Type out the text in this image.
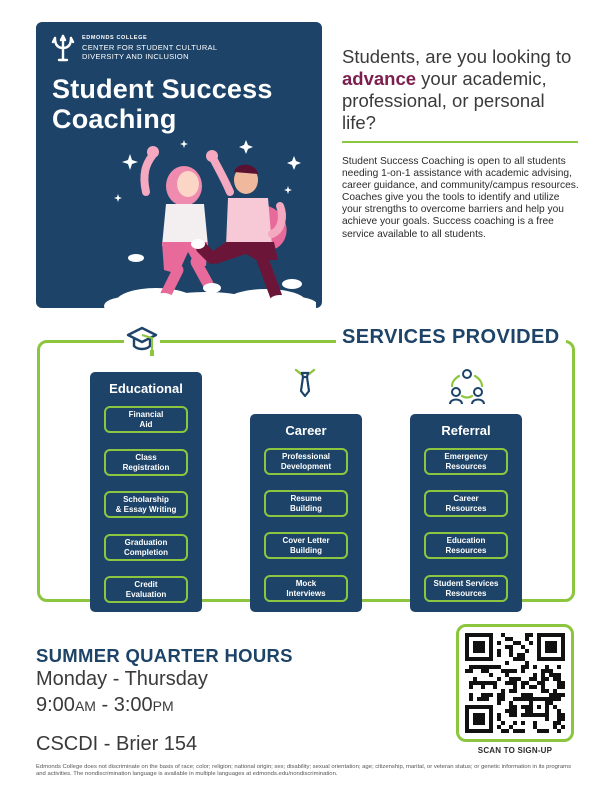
EDMONDS COLLEGE
CENTER FOR STUDENT CULTURAL
DIVERSITY AND INCLUSION
Student Success
Coaching
Students, are you looking to advance your academic, professional, or personal life?
Student Success Coaching is open to all students needing 1-on-1 assistance with academic advising, career guidance, and community/campus resources. Coaches give you the tools to identify and utilize your strengths to overcome barriers and help you achieve your goals. Success coaching is a free service available to all students.
SERVICES PROVIDED
Educational
Financial
Aid
Class
Registration
Scholarship
& Essay Writing
Graduation
Completion
Credit
Evaluation
Career
Professional
Development
Resume
Building
Cover Letter
Building
Mock
Interviews
Referral
Emergency
Resources
Career
Resources
Education
Resources
Student Services
Resources
SUMMER QUARTER HOURS
Monday - Thursday
9:00AM - 3:00PM
CSCDI - Brier 154	SCAN TO SIGN-UP
Edmonds College does not discriminate on the basis of race; color; religion; national origin; sex; disability; sexual orientation; age; citizenship, marital, or veteran status; or genetic information in its programs and activities. The nondiscrimination language is available in multiple languages at edmonds.edu/nondiscrimination.
